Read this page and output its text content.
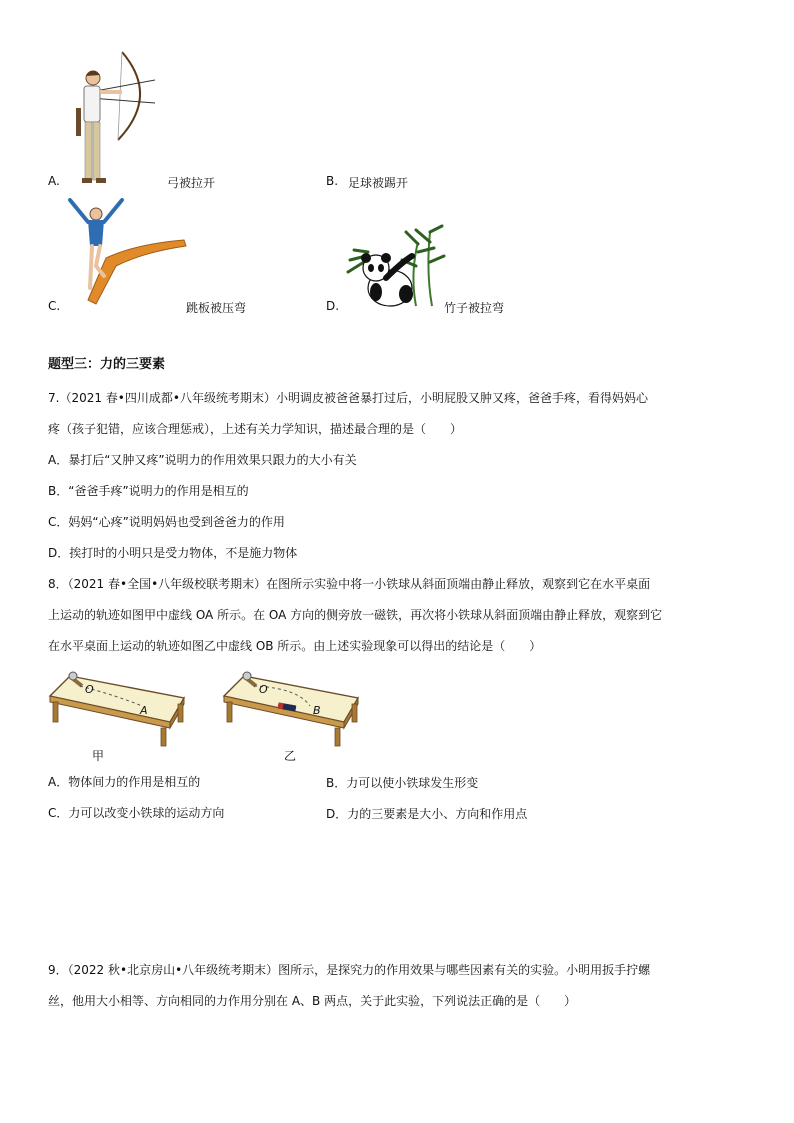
A.	弓被拉开	B. 足球被踢开
C.	跳板被压弯	D.	竹子被拉弯
题型三：力的三要素
7.（2021 春•四川成都•八年级统考期末）小明调皮被爸爸暴打过后，小明屁股又肿又疼，爸爸手疼，看得妈妈心
疼（孩子犯错，应该合理惩戒），上述有关力学知识，描述最合理的是（　　）
A．暴打后“又肿又疼”说明力的作用效果只跟力的大小有关
B．“爸爸手疼”说明力的作用是相互的
C．妈妈“心疼”说明妈妈也受到爸爸力的作用
D．挨打时的小明只是受力物体，不是施力物体
8．（2021 春•全国•八年级校联考期末）在图所示实验中将一小铁球从斜面顶端由静止释放，观察到它在水平桌面
上运动的轨迹如图甲中虚线 OA 所示。在 OA 方向的侧旁放一磁铁，再次将小铁球从斜面顶端由静止释放，观察到它
在水平桌面上运动的轨迹如图乙中虚线 OB 所示。由上述实验现象可以得出的结论是（　　）
O
A
甲
O
B
乙
A．物体间力的作用是相互的	B．力可以使小铁球发生形变
C．力可以改变小铁球的运动方向	D．力的三要素是大小、方向和作用点
9．（2022 秋•北京房山•八年级统考期末）图所示，是探究力的作用效果与哪些因素有关的实验。小明用扳手拧螺
丝，他用大小相等、方向相同的力作用分别在 A、B 两点，关于此实验，下列说法正确的是（　　）
